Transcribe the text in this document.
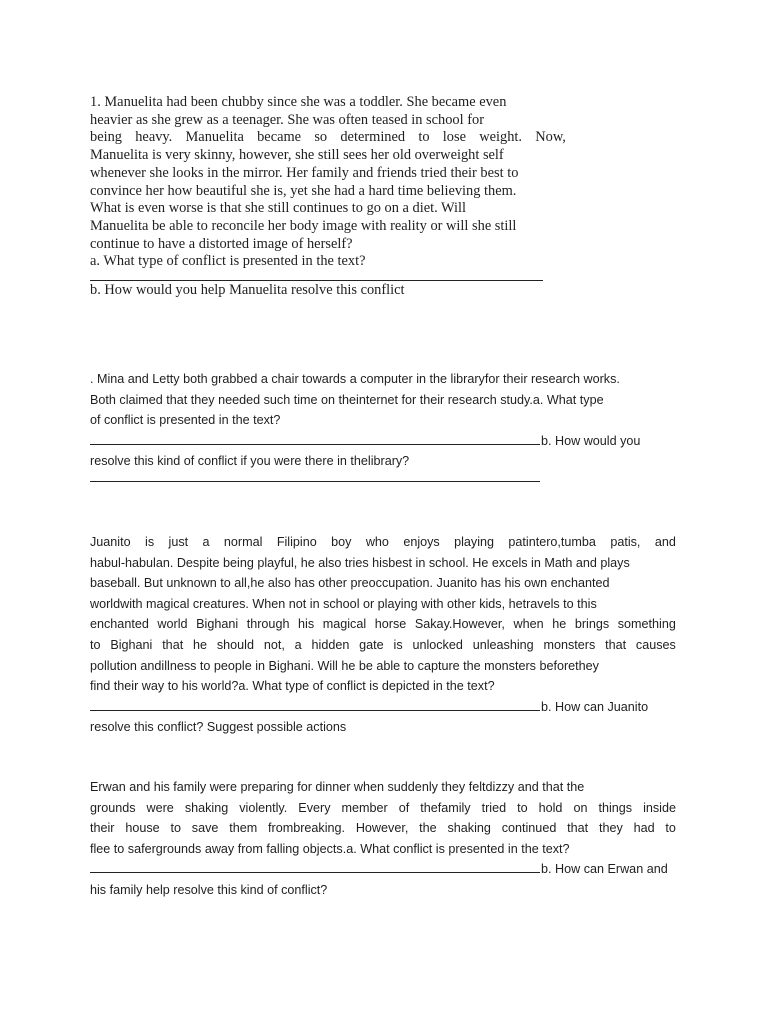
1. Manuelita had been chubby since she was a toddler. She became even
heavier as she grew as a teenager. She was often teased in school for
being heavy. Manuelita became so determined to lose weight. Now,
Manuelita is very skinny, however, she still sees her old overweight self
whenever she looks in the mirror. Her family and friends tried their best to
convince her how beautiful she is, yet she had a hard time believing them.
What is even worse is that she still continues to go on a diet. Will
Manuelita be able to reconcile her body image with reality or will she still
continue to have a distorted image of herself?
a. What type of conflict is presented in the text?
b. How would you help Manuelita resolve this conflict
. Mina and Letty both grabbed a chair towards a computer in the libraryfor their research works.
Both claimed that they needed such time on theinternet for their research study.a. What type
of conflict is presented in the text?
b. How would you
resolve this kind of conflict if you were there in thelibrary?
Juanito is just a normal Filipino boy who enjoys playing patintero,tumba patis, and
habul-habulan. Despite being playful, he also tries hisbest in school. He excels in Math and plays
baseball. But unknown to all,he also has other preoccupation. Juanito has his own enchanted
worldwith magical creatures. When not in school or playing with other kids, hetravels to this
enchanted world Bighani through his magical horse Sakay.However, when he brings something
to Bighani that he should not, a hidden gate is unlocked unleashing monsters that causes
pollution andillness to people in Bighani. Will he be able to capture the monsters beforethey
find their way to his world?a. What type of conflict is depicted in the text?
b. How can Juanito
resolve this conflict? Suggest possible actions
Erwan and his family were preparing for dinner when suddenly they feltdizzy and that the
grounds were shaking violently. Every member of thefamily tried to hold on things inside
their house to save them frombreaking. However, the shaking continued that they had to
flee to safergrounds away from falling objects.a. What conflict is presented in the text?
b. How can Erwan and
his family help resolve this kind of conflict?
